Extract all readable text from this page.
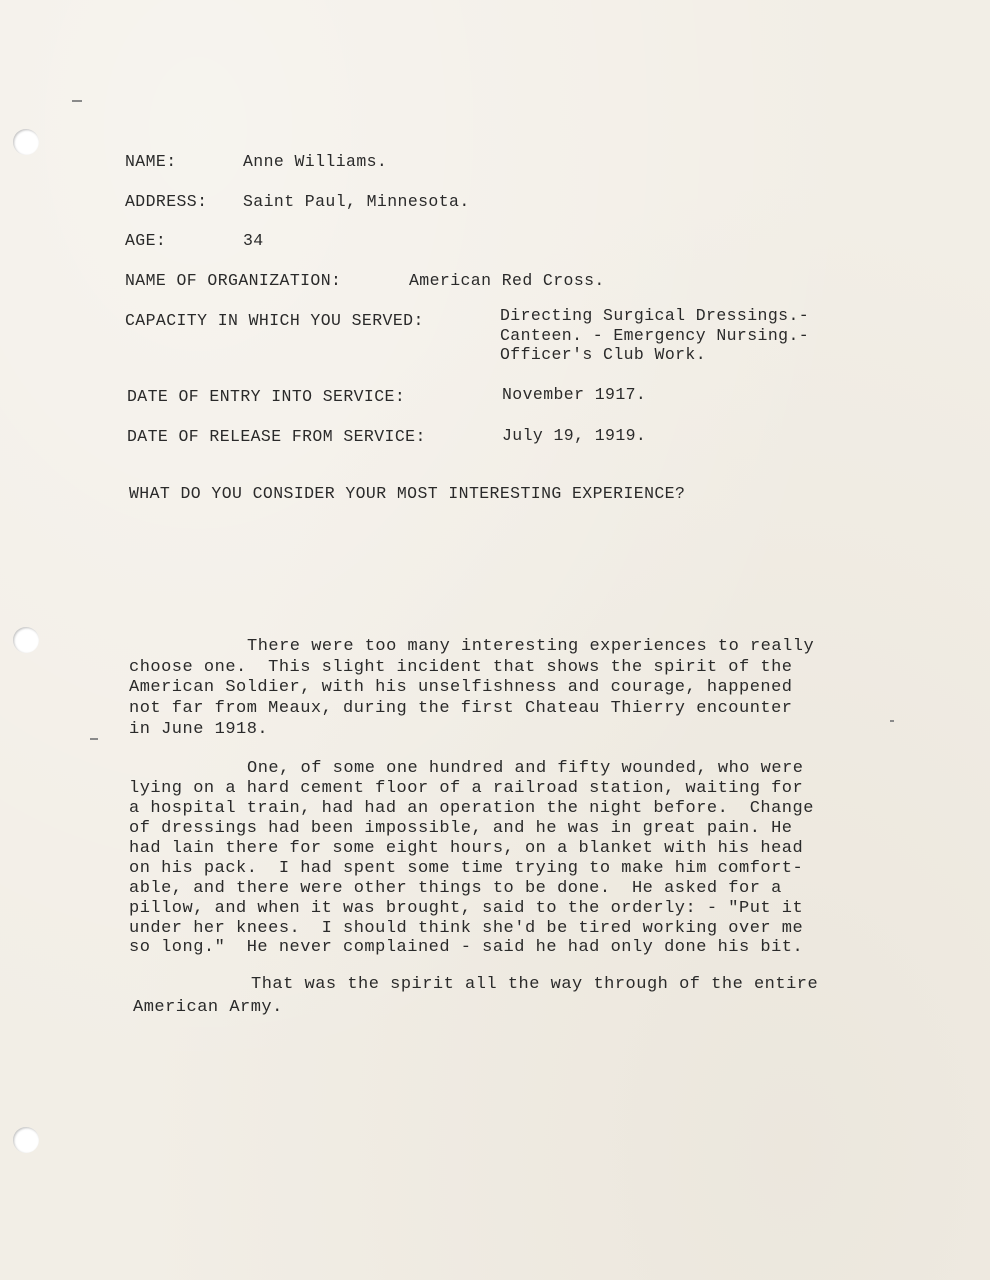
NAME:	Anne Williams.
ADDRESS: Saint Paul, Minnesota.
AGE:	34
NAME OF ORGANIZATION:	American Red Cross.
CAPACITY IN WHICH YOU SERVED:	Directing Surgical Dressings.-
Canteen. - Emergency Nursing.-
Officer's Club Work.
DATE OF ENTRY INTO SERVICE:	November 1917.
DATE OF RELEASE FROM SERVICE:	July 19, 1919.
WHAT DO YOU CONSIDER YOUR MOST INTERESTING EXPERIENCE?
There were too many interesting experiences to really
choose one.  This slight incident that shows the spirit of the
American Soldier, with his unselfishness and courage, happened
not far from Meaux, during the first Chateau Thierry encounter
in June 1918.
One, of some one hundred and fifty wounded, who were
lying on a hard cement floor of a railroad station, waiting for
a hospital train, had had an operation the night before.  Change
of dressings had been impossible, and he was in great pain. He
had lain there for some eight hours, on a blanket with his head
on his pack.  I had spent some time trying to make him comfort-
able, and there were other things to be done.  He asked for a
pillow, and when it was brought, said to the orderly: - "Put it
under her knees.  I should think she'd be tired working over me
so long."  He never complained - said he had only done his bit.
That was the spirit all the way through of the entire
American Army.
